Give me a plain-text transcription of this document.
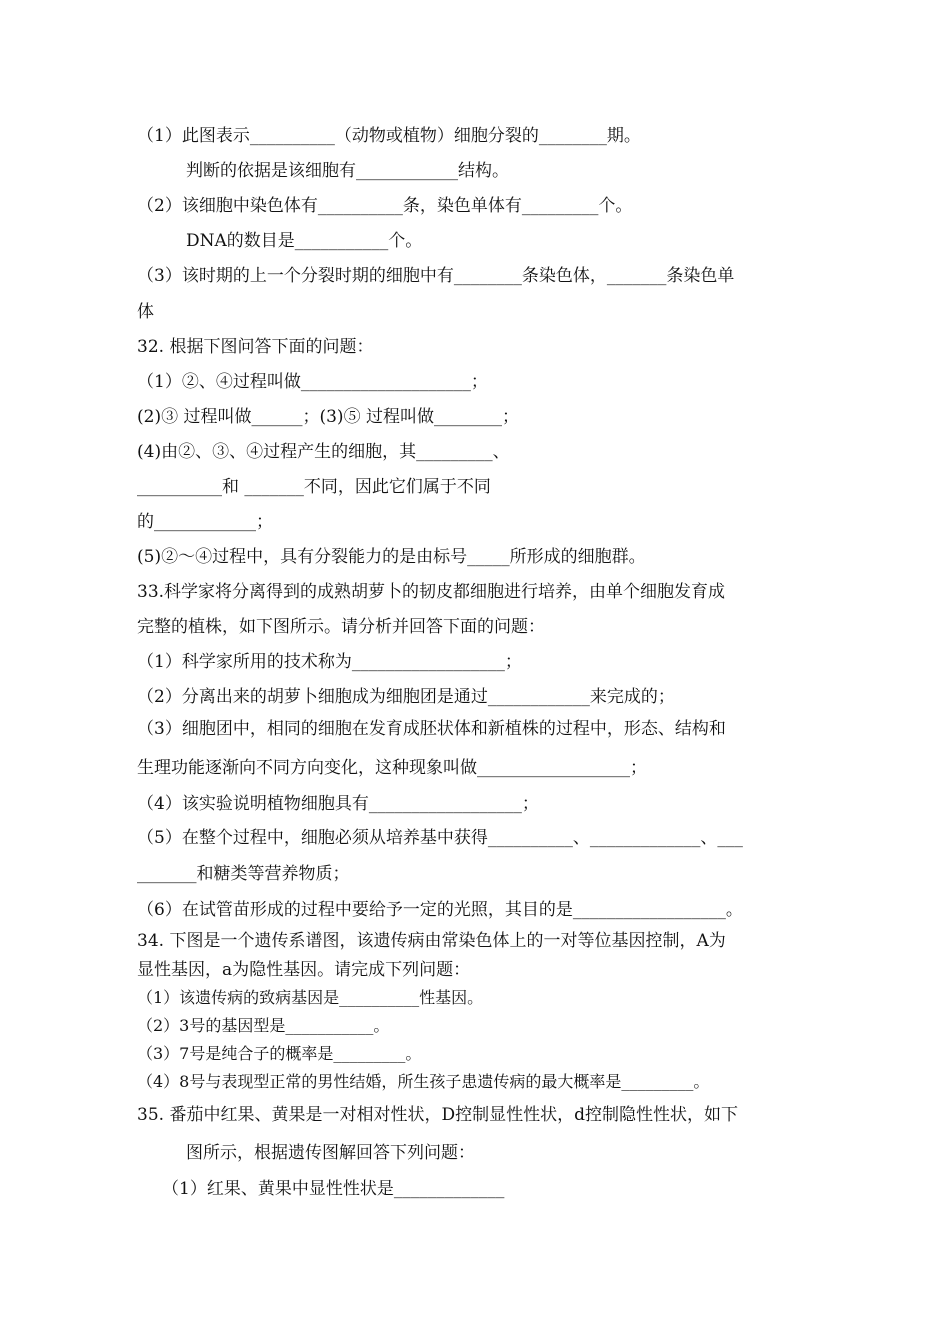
（1）此图表示__________（动物或植物）细胞分裂的________期。
判断的依据是该细胞有____________结构。
（2）该细胞中染色体有__________条，染色单体有_________个。
DNA的数目是___________个。
（3）该时期的上一个分裂时期的细胞中有________条染色体，_______条染色单
体
32. 根据下图问答下面的问题：
（1）②、④过程叫做____________________；
(2)③ 过程叫做______；(3)⑤ 过程叫做________；
(4)由②、③、④过程产生的细胞，其_________、
__________和 _______不同，因此它们属于不同
的____________；
(5)②～④过程中，具有分裂能力的是由标号_____所形成的细胞群。
33.科学家将分离得到的成熟胡萝卜的韧皮都细胞进行培养，由单个细胞发育成
完整的植株，如下图所示。请分析并回答下面的问题：
（1）科学家所用的技术称为__________________；
（2）分离出来的胡萝卜细胞成为细胞团是通过____________来完成的；
（3）细胞团中，相同的细胞在发育成胚状体和新植株的过程中，形态、结构和
生理功能逐渐向不同方向变化，这种现象叫做__________________；
（4）该实验说明植物细胞具有__________________；
（5）在整个过程中，细胞必须从培养基中获得__________、_____________、___
_______和糖类等营养物质；
（6）在试管苗形成的过程中要给予一定的光照，其目的是__________________。
34. 下图是一个遗传系谱图，该遗传病由常染色体上的一对等位基因控制，A为
显性基因，a为隐性基因。请完成下列问题：
（1）该遗传病的致病基因是__________性基因。
（2）3号的基因型是___________。
（3）7号是纯合子的概率是_________。
（4）8号与表现型正常的男性结婚，所生孩子患遗传病的最大概率是_________。
35. 番茄中红果、黄果是一对相对性状，D控制显性性状，d控制隐性性状，如下
图所示，根据遗传图解回答下列问题：
（1）红果、黄果中显性性状是_____________
